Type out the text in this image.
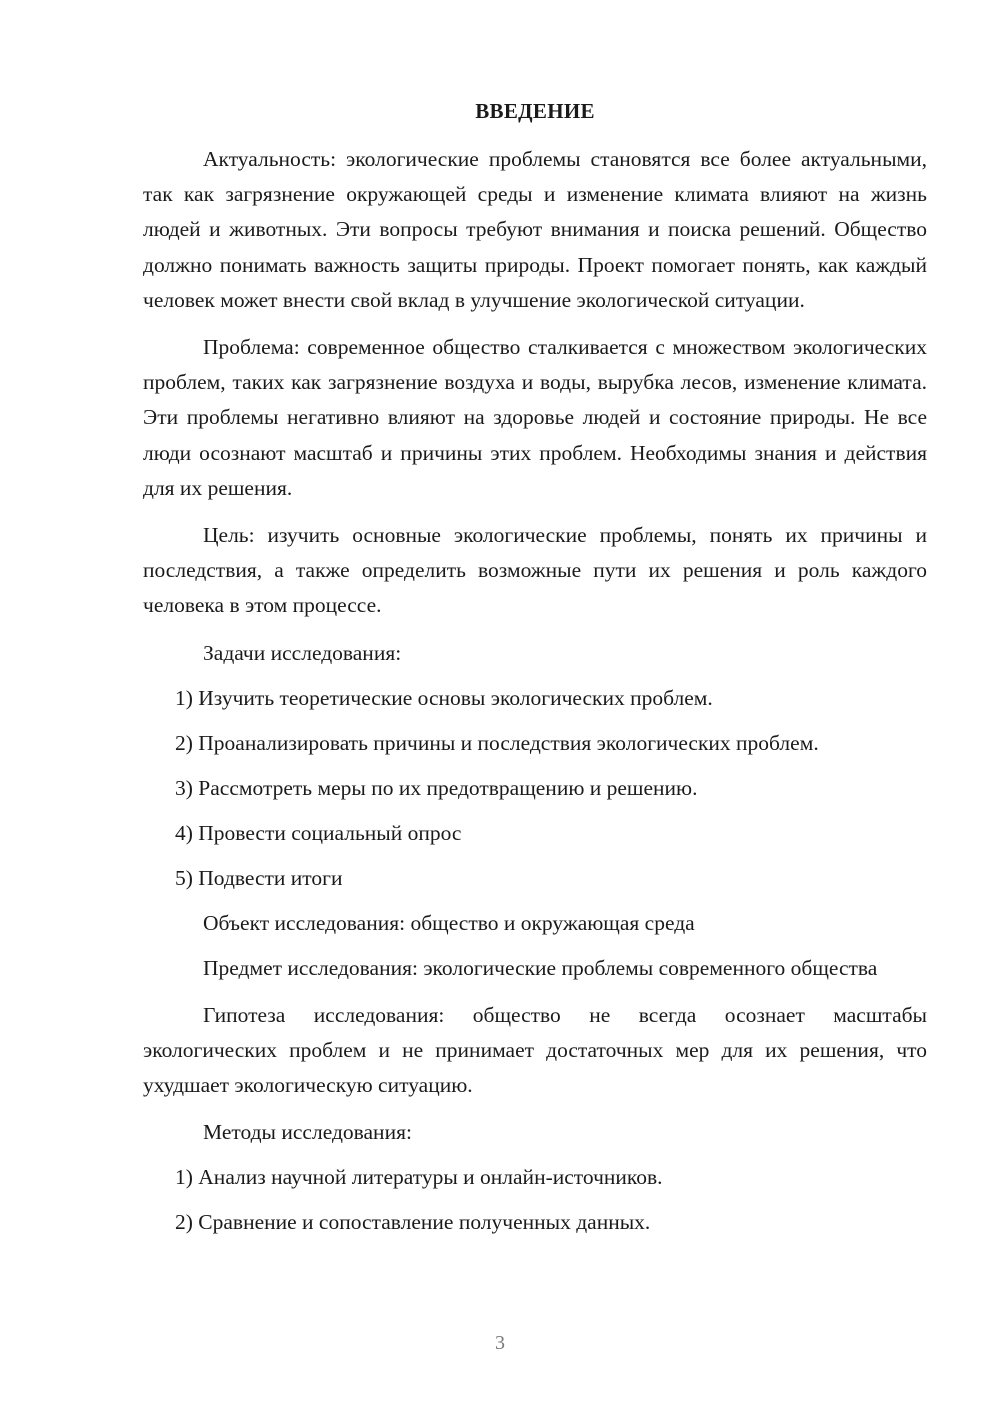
ВВЕДЕНИЕ

Актуальность: экологические проблемы становятся все более актуальными, так как загрязнение окружающей среды и изменение климата влияют на жизнь людей и животных. Эти вопросы требуют внимания и поиска решений. Общество должно понимать важность защиты природы. Проект помогает понять, как каждый человек может внести свой вклад в улучшение экологической ситуации.

Проблема: современное общество сталкивается с множеством экологических проблем, таких как загрязнение воздуха и воды, вырубка лесов, изменение климата. Эти проблемы негативно влияют на здоровье людей и состояние природы. Не все люди осознают масштаб и причины этих проблем. Необходимы знания и действия для их решения.

Цель: изучить основные экологические проблемы, понять их причины и последствия, а также определить возможные пути их решения и роль каждого человека в этом процессе.

Задачи исследования:
1) Изучить теоретические основы экологических проблем.
2) Проанализировать причины и последствия экологических проблем.
3) Рассмотреть меры по их предотвращению и решению.
4) Провести социальный опрос
5) Подвести итоги
Объект исследования: общество и окружающая среда

Предмет исследования: экологические проблемы современного общества

Гипотеза исследования: общество не всегда осознает масштабы экологических проблем и не принимает достаточных мер для их решения, что ухудшает экологическую ситуацию.

Методы исследования:
1) Анализ научной литературы и онлайн-источников.
2) Сравнение и сопоставление полученных данных.
3
